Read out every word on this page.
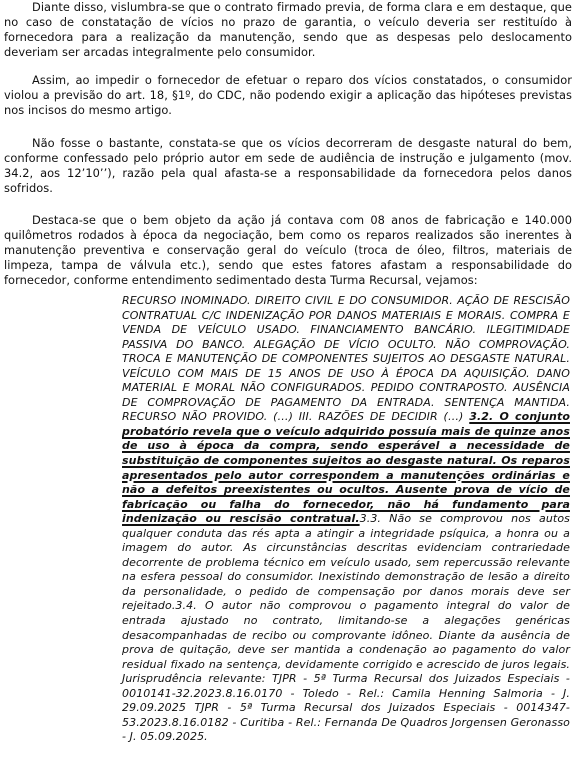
Diante disso, vislumbra-se que o contrato firmado previa, de forma clara e em destaque, que no caso de constatação de vícios no prazo de garantia, o veículo deveria ser restituído à fornecedora para a realização da manutenção, sendo que as despesas pelo deslocamento deveriam ser arcadas integralmente pelo consumidor.

Assim, ao impedir o fornecedor de efetuar o reparo dos vícios constatados, o consumidor violou a previsão do art. 18, §1º, do CDC, não podendo exigir a aplicação das hipóteses previstas nos incisos do mesmo artigo.

Não fosse o bastante, constata-se que os vícios decorreram de desgaste natural do bem, conforme confessado pelo próprio autor em sede de audiência de instrução e julgamento (mov. 34.2, aos 12’10’’), razão pela qual afasta-se a responsabilidade da fornecedora pelos danos sofridos.

Destaca-se que o bem objeto da ação já contava com 08 anos de fabricação e 140.000 quilômetros rodados à época da negociação, bem como os reparos realizados são inerentes à manutenção preventiva e conservação geral do veículo (troca de óleo, filtros, materiais de limpeza, tampa de válvula etc.), sendo que estes fatores afastam a responsabilidade do fornecedor, conforme entendimento sedimentado desta Turma Recursal, vejamos:

RECURSO INOMINADO. DIREITO CIVIL E DO CONSUMIDOR. AÇÃO DE RESCISÃO CONTRATUAL C/C INDENIZAÇÃO POR DANOS MATERIAIS E MORAIS. COMPRA E VENDA DE VEÍCULO USADO. FINANCIAMENTO BANCÁRIO. ILEGITIMIDADE PASSIVA DO BANCO. ALEGAÇÃO DE VÍCIO OCULTO. NÃO COMPROVAÇÃO. TROCA E MANUTENÇÃO DE COMPONENTES SUJEITOS AO DESGASTE NATURAL. VEÍCULO COM MAIS DE 15 ANOS DE USO À ÉPOCA DA AQUISIÇÃO. DANO MATERIAL E MORAL NÃO CONFIGURADOS. PEDIDO CONTRAPOSTO. AUSÊNCIA DE COMPROVAÇÃO DE PAGAMENTO DA ENTRADA. SENTENÇA MANTIDA. RECURSO NÃO PROVIDO. (…) III. RAZÕES DE DECIDIR (…) 3.2. O conjunto probatório revela que o veículo adquirido possuía mais de quinze anos de uso à época da compra, sendo esperável a necessidade de substituição de componentes sujeitos ao desgaste natural. Os reparos apresentados pelo autor correspondem a manutenções ordinárias e não a defeitos preexistentes ou ocultos. Ausente prova de vício de fabricação ou falha do fornecedor, não há fundamento para indenização ou rescisão contratual.3.3. Não se comprovou nos autos qualquer conduta das rés apta a atingir a integridade psíquica, a honra ou a imagem do autor. As circunstâncias descritas evidenciam contrariedade decorrente de problema técnico em veículo usado, sem repercussão relevante na esfera pessoal do consumidor. Inexistindo demonstração de lesão a direito da personalidade, o pedido de compensação por danos morais deve ser rejeitado.3.4. O autor não comprovou o pagamento integral do valor de entrada ajustado no contrato, limitando-se a alegações genéricas desacompanhadas de recibo ou comprovante idôneo. Diante da ausência de prova de quitação, deve ser mantida a condenação ao pagamento do valor residual fixado na sentença, devidamente corrigido e acrescido de juros legais. Jurisprudência relevante: TJPR - 5ª Turma Recursal dos Juizados Especiais - 0010141-32.2023.8.16.0170 - Toledo - Rel.: Camila Henning Salmoria - J. 29.09.2025 TJPR - 5ª Turma Recursal dos Juizados Especiais - 0014347-53.2023.8.16.0182 - Curitiba - Rel.: Fernanda De Quadros Jorgensen Geronasso - J. 05.09.2025.
